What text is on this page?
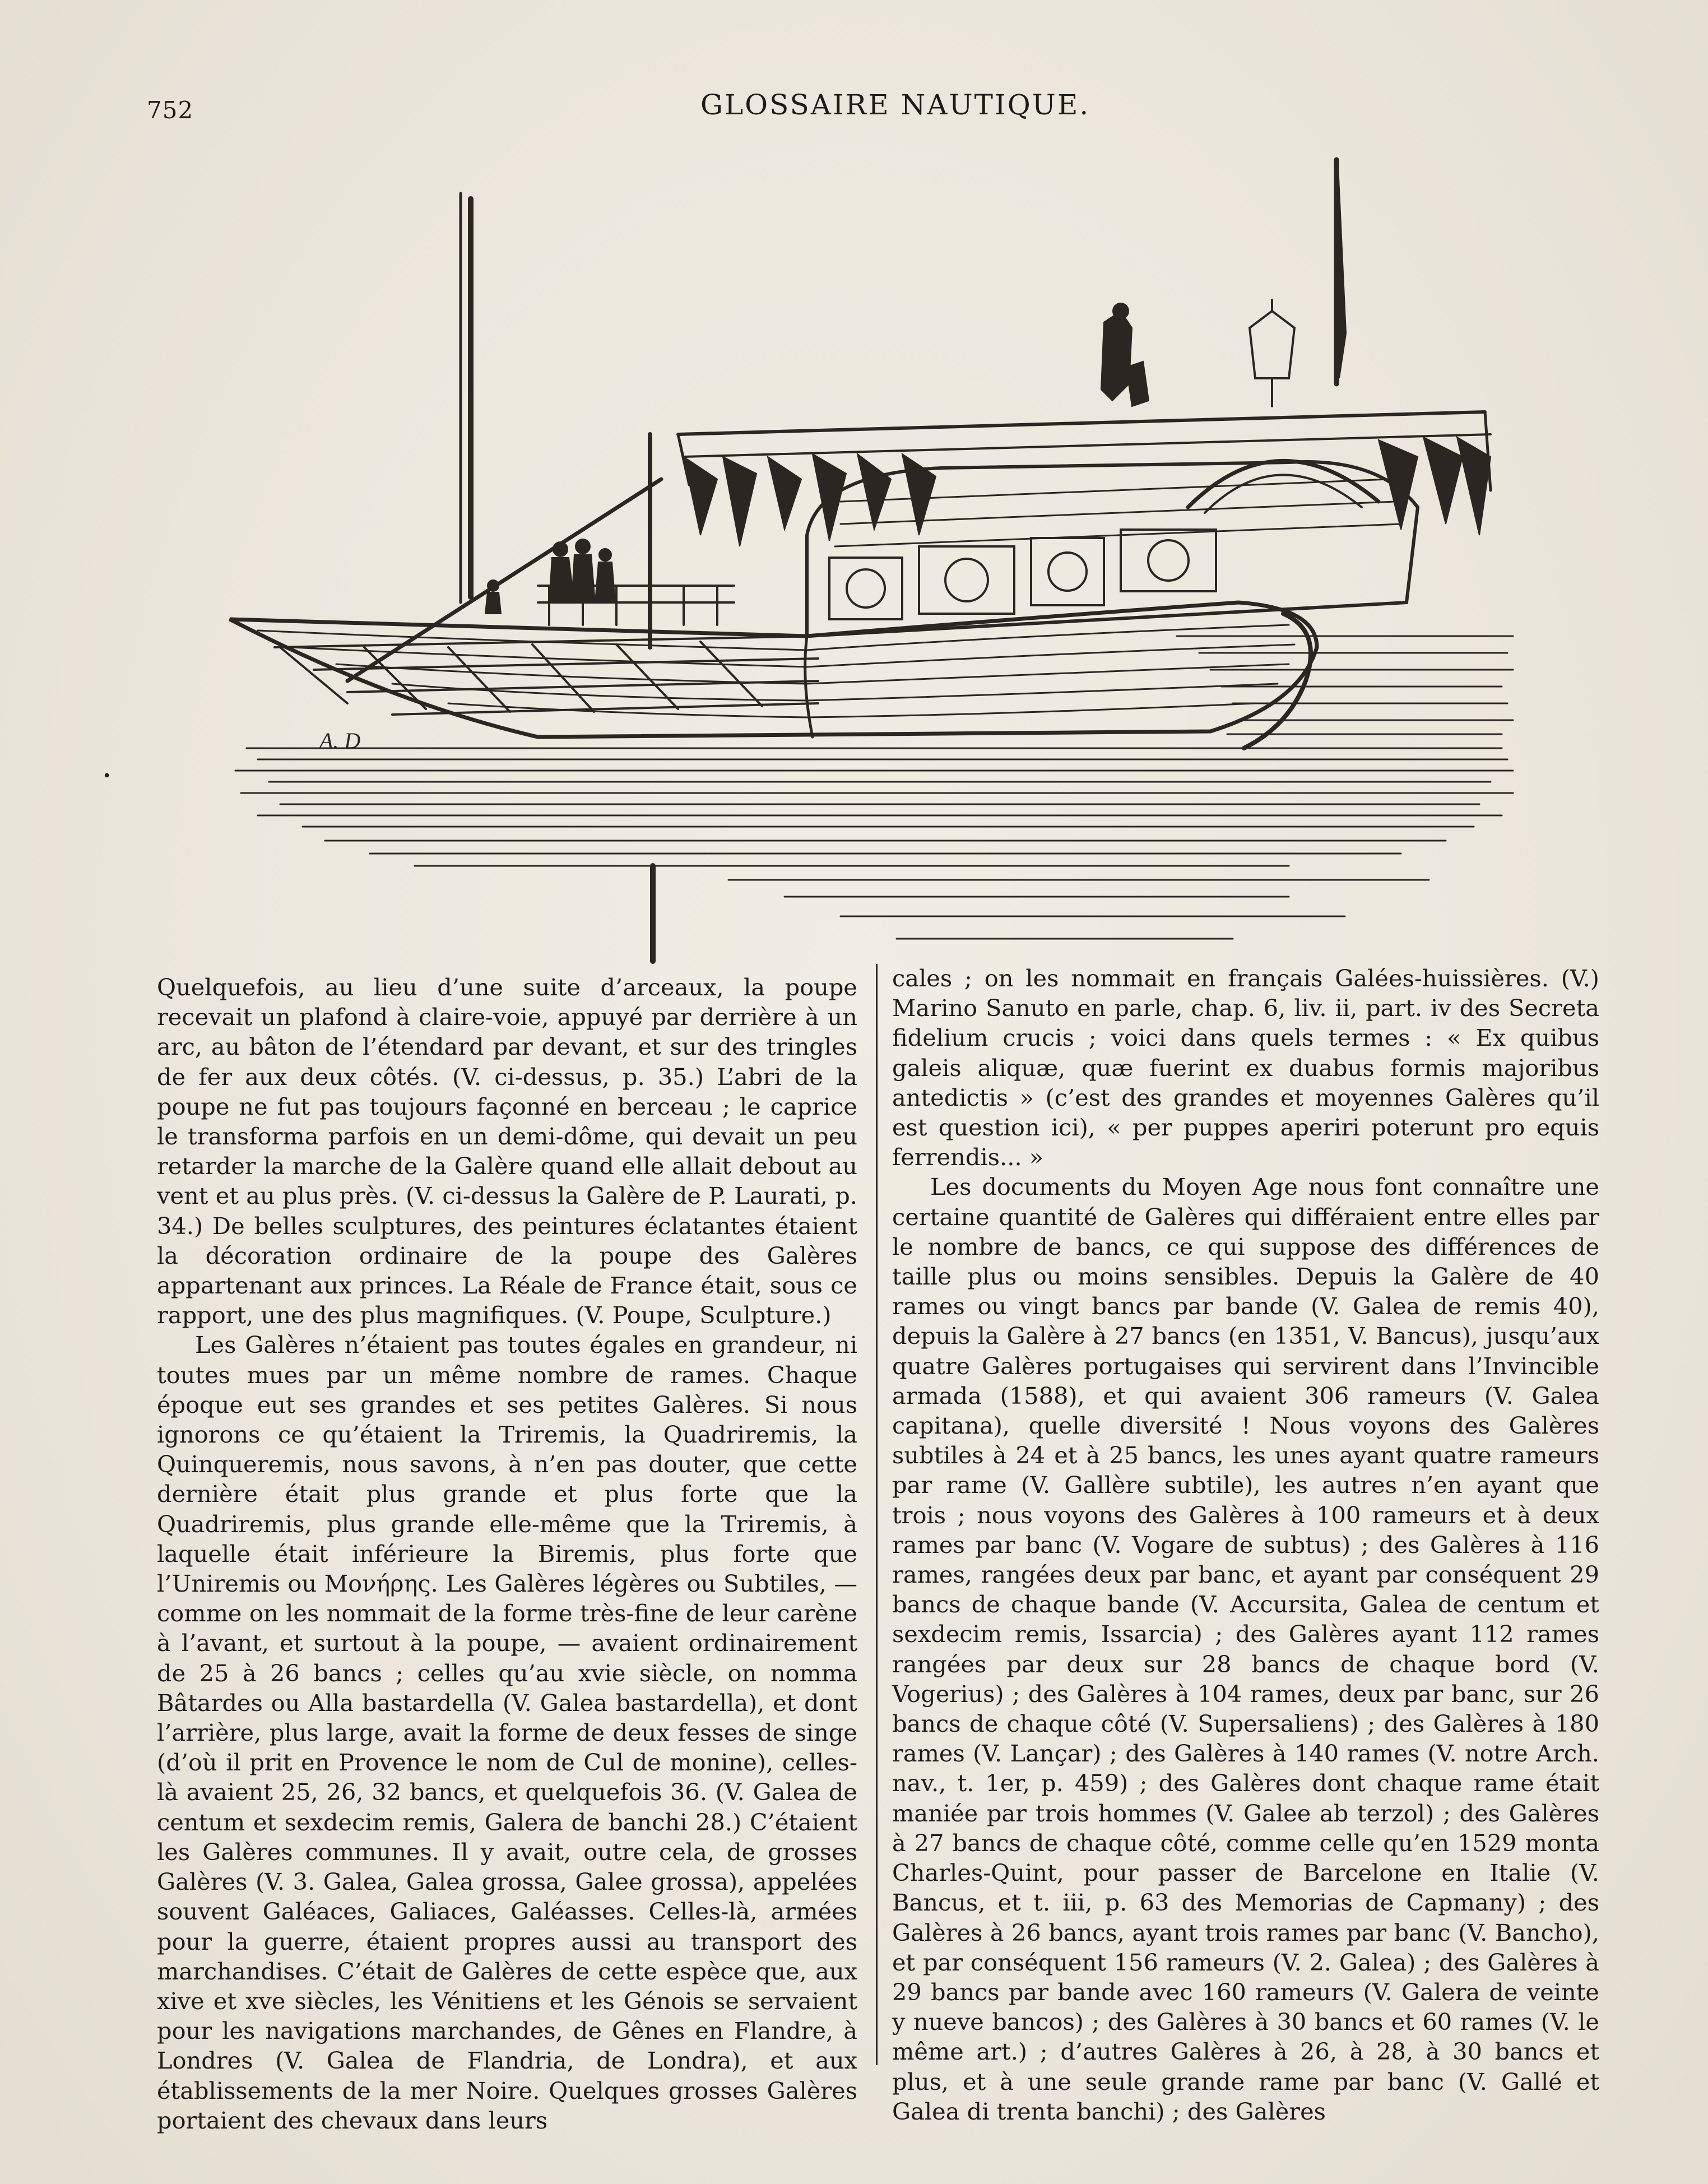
752	GLOSSAIRE NAUTIQUE.
A. D
•

Quelquefois, au lieu d’une suite d’arceaux, la poupe recevait un plafond à claire-voie, appuyé par derrière à un arc, au bâton de l’étendard par devant, et sur des tringles de fer aux deux côtés. (V. ci-dessus, p. 35.) L’abri de la poupe ne fut pas toujours façonné en berceau ; le caprice le transforma parfois en un demi-dôme, qui devait un peu retarder la marche de la Galère quand elle allait debout au vent et au plus près. (V. ci-dessus la Galère de P. Laurati, p. 34.) De belles sculptures, des peintures éclatantes étaient la décoration ordinaire de la poupe des Galères appartenant aux princes. La Réale de France était, sous ce rapport, une des plus magnifiques. (V. Poupe, Sculpture.)

Les Galères n’étaient pas toutes égales en grandeur, ni toutes mues par un même nombre de rames. Chaque époque eut ses grandes et ses petites Galères. Si nous ignorons ce qu’étaient la Triremis, la Quadriremis, la Quinqueremis, nous savons, à n’en pas douter, que cette dernière était plus grande et plus forte que la Quadriremis, plus grande elle-même que la Triremis, à laquelle était inférieure la Biremis, plus forte que l’Uniremis ou Μονήρης. Les Galères légères ou Subtiles, — comme on les nommait de la forme très-fine de leur carène à l’avant, et surtout à la poupe, — avaient ordinairement de 25 à 26 bancs ; celles qu’au xvie siècle, on nomma Bâtardes ou Alla bastardella (V. Galea bastardella), et dont l’arrière, plus large, avait la forme de deux fesses de singe (d’où il prit en Provence le nom de Cul de monine), celles-là avaient 25, 26, 32 bancs, et quelquefois 36. (V. Galea de centum et sexdecim remis, Galera de banchi 28.) C’étaient les Galères communes. Il y avait, outre cela, de grosses Galères (V. 3. Galea, Galea grossa, Galee grossa), appelées souvent Galéaces, Galiaces, Galéasses. Celles-là, armées pour la guerre, étaient propres aussi au transport des marchandises. C’était de Galères de cette espèce que, aux xive et xve siècles, les Vénitiens et les Génois se servaient pour les navigations marchandes, de Gênes en Flandre, à Londres (V. Galea de Flandria, de Londra), et aux établissements de la mer Noire. Quelques grosses Galères portaient des chevaux dans leurs

cales ; on les nommait en français Galées-huissières. (V.) Marino Sanuto en parle, chap. 6, liv. ii, part. iv des Secreta fidelium crucis ; voici dans quels termes : « Ex quibus galeis aliquæ, quæ fuerint ex duabus formis majoribus antedictis » (c’est des grandes et moyennes Galères qu’il est question ici), « per puppes aperiri poterunt pro equis ferrendis... »

Les documents du Moyen Age nous font connaître une certaine quantité de Galères qui différaient entre elles par le nombre de bancs, ce qui suppose des différences de taille plus ou moins sensibles. Depuis la Galère de 40 rames ou vingt bancs par bande (V. Galea de remis 40), depuis la Galère à 27 bancs (en 1351, V. Bancus), jusqu’aux quatre Galères portugaises qui servirent dans l’Invincible armada (1588), et qui avaient 306 rameurs (V. Galea capitana), quelle diversité ! Nous voyons des Galères subtiles à 24 et à 25 bancs, les unes ayant quatre rameurs par rame (V. Gallère subtile), les autres n’en ayant que trois ; nous voyons des Galères à 100 rameurs et à deux rames par banc (V. Vogare de subtus) ; des Galères à 116 rames, rangées deux par banc, et ayant par conséquent 29 bancs de chaque bande (V. Accursita, Galea de centum et sexdecim remis, Issarcia) ; des Galères ayant 112 rames rangées par deux sur 28 bancs de chaque bord (V. Vogerius) ; des Galères à 104 rames, deux par banc, sur 26 bancs de chaque côté (V. Supersaliens) ; des Galères à 180 rames (V. Lançar) ; des Galères à 140 rames (V. notre Arch. nav., t. 1er, p. 459) ; des Galères dont chaque rame était maniée par trois hommes (V. Galee ab terzol) ; des Galères à 27 bancs de chaque côté, comme celle qu’en 1529 monta Charles-Quint, pour passer de Barcelone en Italie (V. Bancus, et t. iii, p. 63 des Memorias de Capmany) ; des Galères à 26 bancs, ayant trois rames par banc (V. Bancho), et par conséquent 156 rameurs (V. 2. Galea) ; des Galères à 29 bancs par bande avec 160 rameurs (V. Galera de veinte y nueve bancos) ; des Galères à 30 bancs et 60 rames (V. le même art.) ; d’autres Galères à 26, à 28, à 30 bancs et plus, et à une seule grande rame par banc (V. Gallé et Galea di trenta banchi) ; des Galères
